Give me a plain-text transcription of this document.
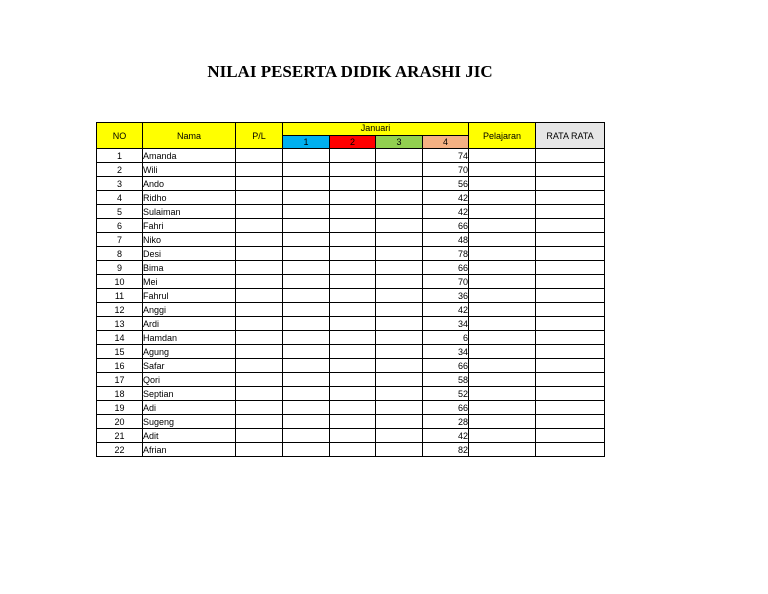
NILAI PESERTA DIDIK ARASHI JIC
NO	Nama	P/L	Januari				Pelajaran	RATA RATA
			1	2	3	4		
1	Amanda					74		
2	Wili					70		
3	Ando					56		
4	Ridho					42		
5	Sulaiman					42		
6	Fahri					66		
7	Niko					48		
8	Desi					78		
9	Bima					66		
10	Mei					70		
11	Fahrul					36		
12	Anggi					42		
13	Ardi					34		
14	Hamdan					6		
15	Agung					34		
16	Safar					66		
17	Qori					58		
18	Septian					52		
19	Adi					66		
20	Sugeng					28		
21	Adit					42		
22	Afrian					82		
